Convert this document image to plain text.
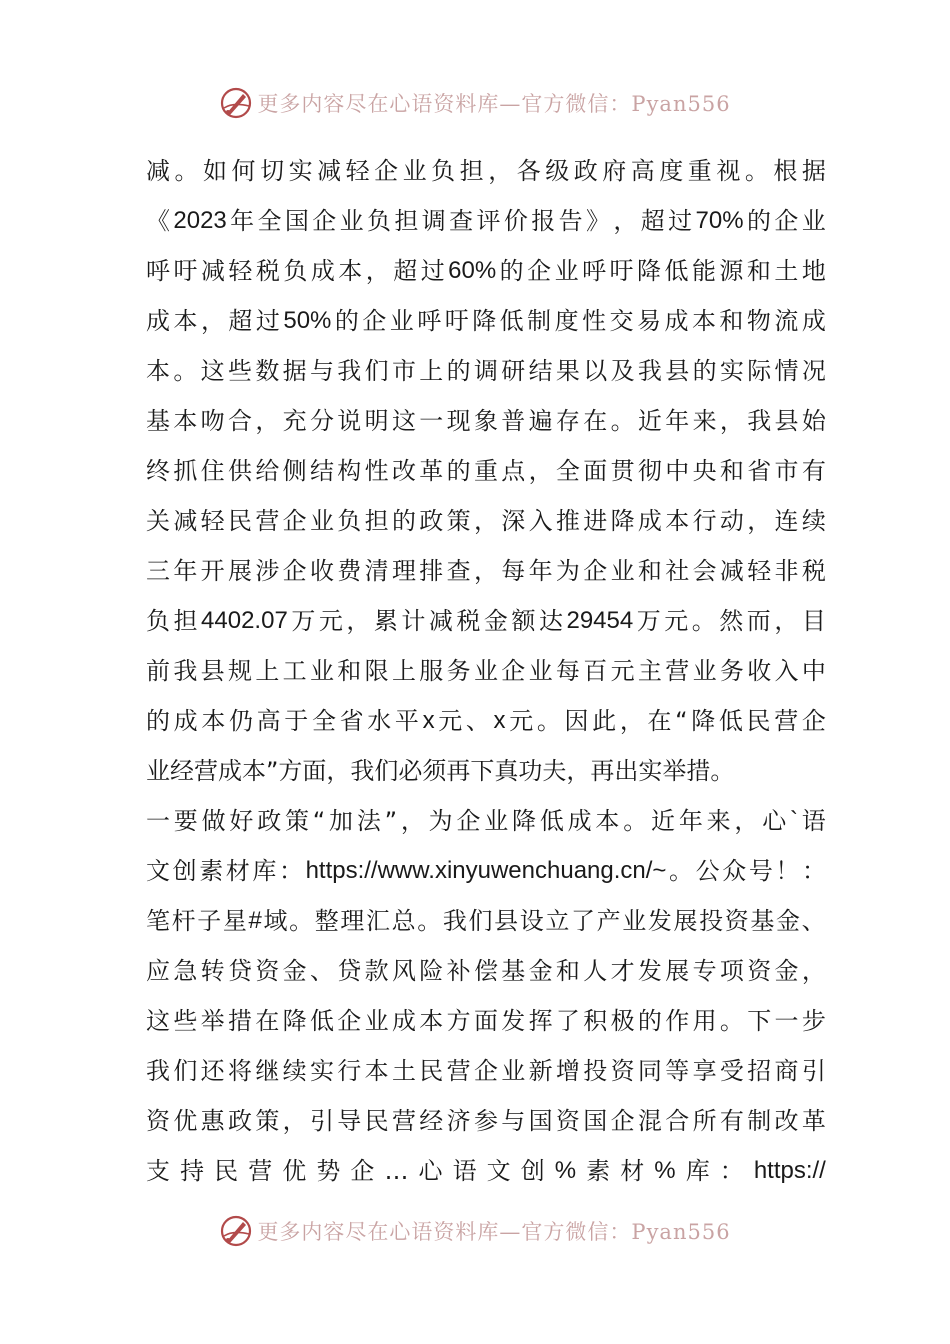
更多内容尽在心语资料库—官方微信：Pyan556
减 。 如 何 切 实 减 轻 企 业 负 担 ， 各 级 政 府 高 度 重 视 。 根 据
《 2023 年 全 国 企 业 负 担 调 查 评 价 报 告 》 ， 超 过 70% 的 企 业
呼 吁 减 轻 税 负 成 本 ， 超 过 60% 的 企 业 呼 吁 降 低 能 源 和 土 地
成 本 ， 超 过 50% 的 企 业 呼 吁 降 低 制 度 性 交 易 成 本 和 物 流 成
本 。 这 些 数 据 与 我 们 市 上 的 调 研 结 果 以 及 我 县 的 实 际 情 况
基 本 吻 合 ， 充 分 说 明 这 一 现 象 普 遍 存 在 。 近 年 来 ， 我 县 始
终 抓 住 供 给 侧 结 构 性 改 革 的 重 点 ， 全 面 贯 彻 中 央 和 省 市 有
关 减 轻 民 营 企 业 负 担 的 政 策 ， 深 入 推 进 降 成 本 行 动 ， 连 续
三 年 开 展 涉 企 收 费 清 理 排 查 ， 每 年 为 企 业 和 社 会 减 轻 非 税
负 担 4402.07 万 元 ， 累 计 减 税 金 额 达 29454 万 元 。 然 而 ， 目
前 我 县 规 上 工 业 和 限 上 服 务 业 企 业 每 百 元 主 营 业 务 收 入 中
的 成 本 仍 高 于 全 省 水 平 x 元 、 x 元 。 因 此 ， 在 “ 降 低 民 营 企
业经营成本”方面，我们必须再下真功夫，再出实举措。
一 要 做 好 政 策 “ 加 法 ” ， 为 企 业 降 低 成 本 。 近 年 来 ， 心 ` 语
文 创 素 材 库 ： https://www.xinyuwenchuang.cn/~ 。 公 众 号 ！ ：
笔 杆 子 星 # 域 。 整 理 汇 总 。 我 们 县 设 立 了 产 业 发 展 投 资 基 金 、
应 急 转 贷 资 金 、 贷 款 风 险 补 偿 基 金 和 人 才 发 展 专 项 资 金 ，
这 些 举 措 在 降 低 企 业 成 本 方 面 发 挥 了 积 极 的 作 用 。 下 一 步
我 们 还 将 继 续 实 行 本 土 民 营 企 业 新 增 投 资 同 等 享 受 招 商 引
资 优 惠 政 策 ， 引 导 民 营 经 济 参 与 国 资 国 企 混 合 所 有 制 改 革
支 持 民 营 优 势 企 … 心 语 文 创 % 素 材 % 库 ： https://
更多内容尽在心语资料库—官方微信：Pyan556
